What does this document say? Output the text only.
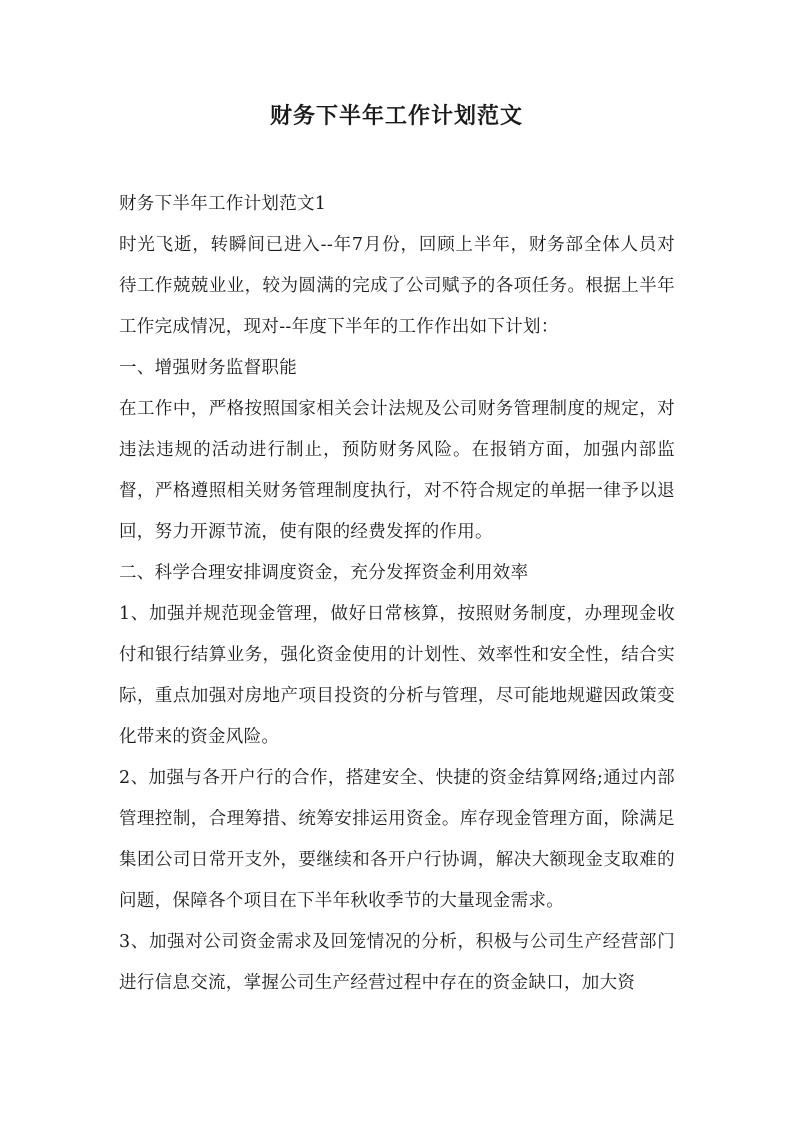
财务下半年工作计划范文

财务下半年工作计划范文1

时光飞逝，转瞬间已进入--年7月份，回顾上半年，财务部全体人员对待工作兢兢业业，较为圆满的完成了公司赋予的各项任务。根据上半年工作完成情况，现对--年度下半年的工作作出如下计划：

一、增强财务监督职能

在工作中，严格按照国家相关会计法规及公司财务管理制度的规定，对违法违规的活动进行制止，预防财务风险。在报销方面，加强内部监督，严格遵照相关财务管理制度执行，对不符合规定的单据一律予以退回，努力开源节流，使有限的经费发挥的作用。

二、科学合理安排调度资金，充分发挥资金利用效率

1、加强并规范现金管理，做好日常核算，按照财务制度，办理现金收付和银行结算业务，强化资金使用的计划性、效率性和安全性，结合实际，重点加强对房地产项目投资的分析与管理，尽可能地规避因政策变化带来的资金风险。

2、加强与各开户行的合作，搭建安全、快捷的资金结算网络;通过内部管理控制，合理筹措、统筹安排运用资金。库存现金管理方面，除满足集团公司日常开支外，要继续和各开户行协调，解决大额现金支取难的问题，保障各个项目在下半年秋收季节的大量现金需求。

3、加强对公司资金需求及回笼情况的分析，积极与公司生产经营部门进行信息交流，掌握公司生产经营过程中存在的资金缺口，加大资
